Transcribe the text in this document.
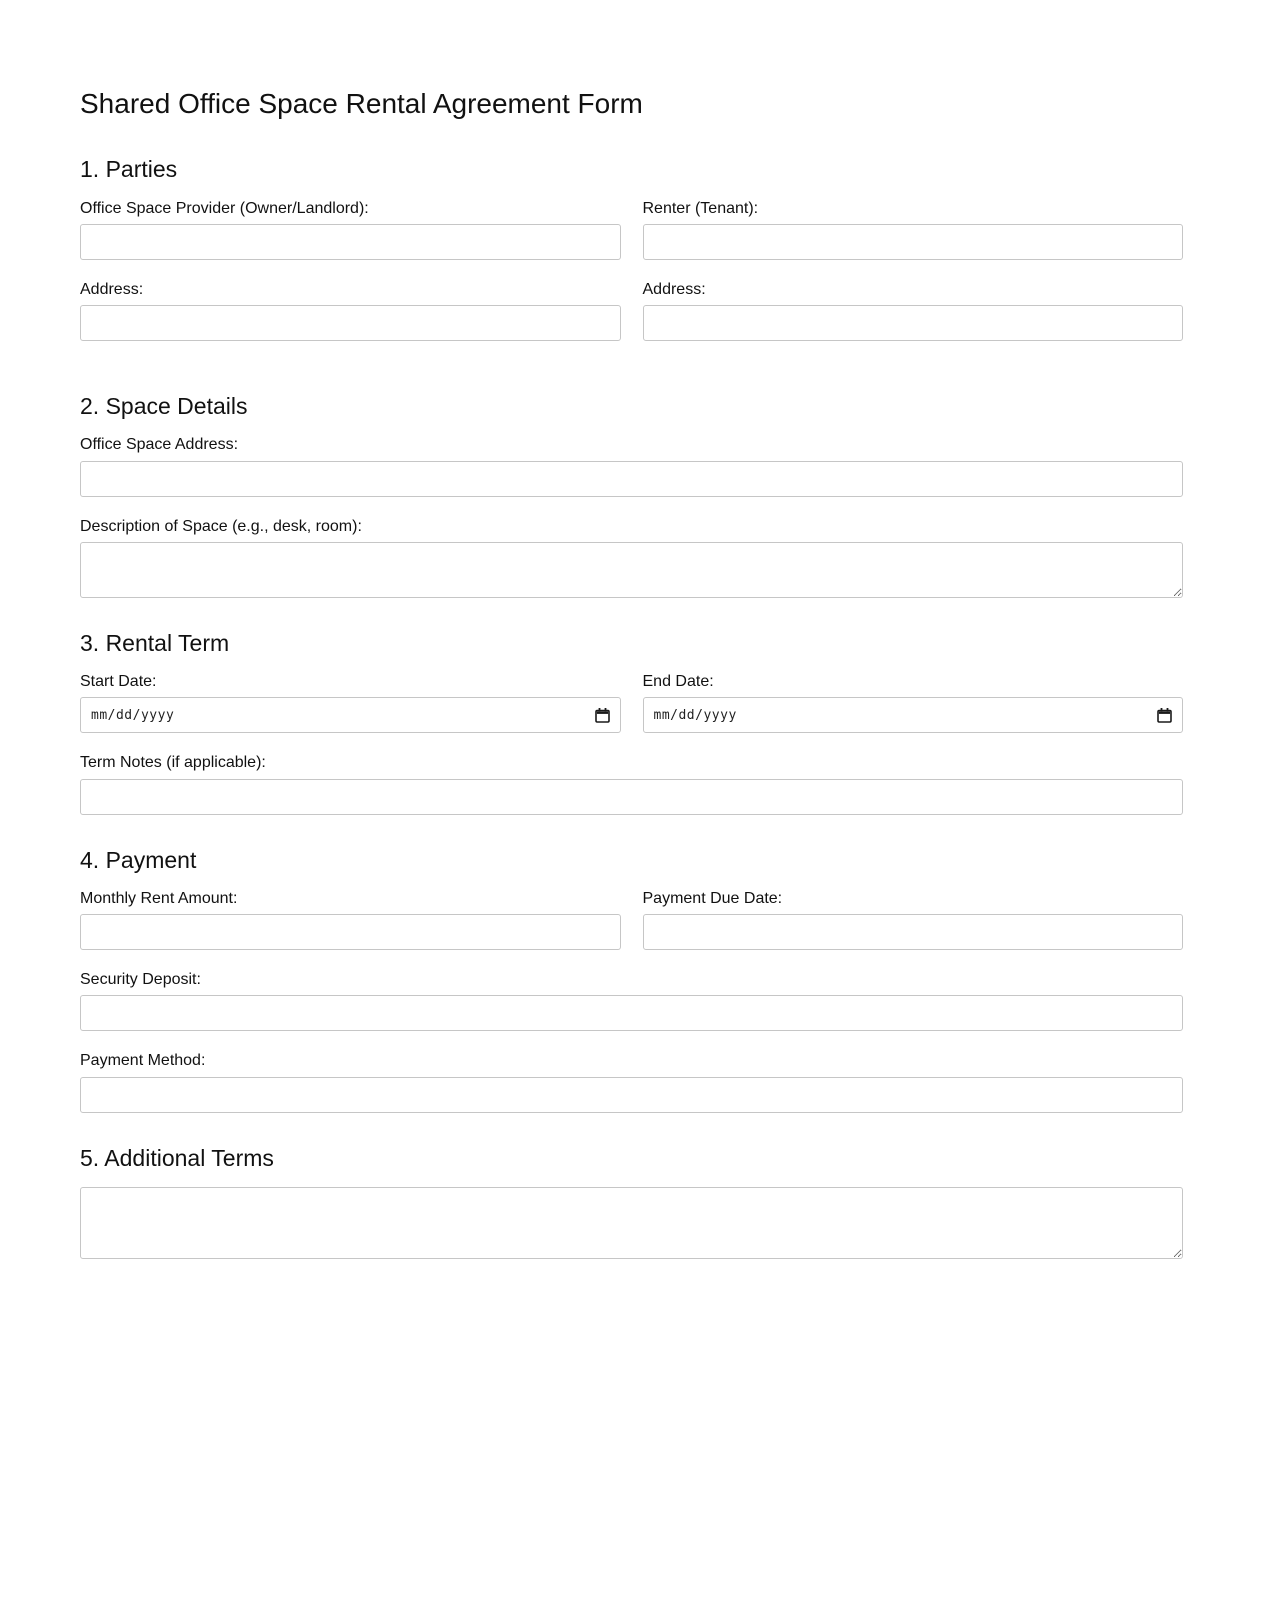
Shared Office Space Rental Agreement Form
1. Parties
Office Space Provider (Owner/Landlord):	Renter (Tenant):
Address:	Address:
2. Space Details
Office Space Address:
Description of Space (e.g., desk, room):
3. Rental Term
Start Date:
mm/dd/yyyy
End Date:
mm/dd/yyyy
Term Notes (if applicable):
4. Payment
Monthly Rent Amount:	Payment Due Date:
Security Deposit:
Payment Method:
5. Additional Terms
